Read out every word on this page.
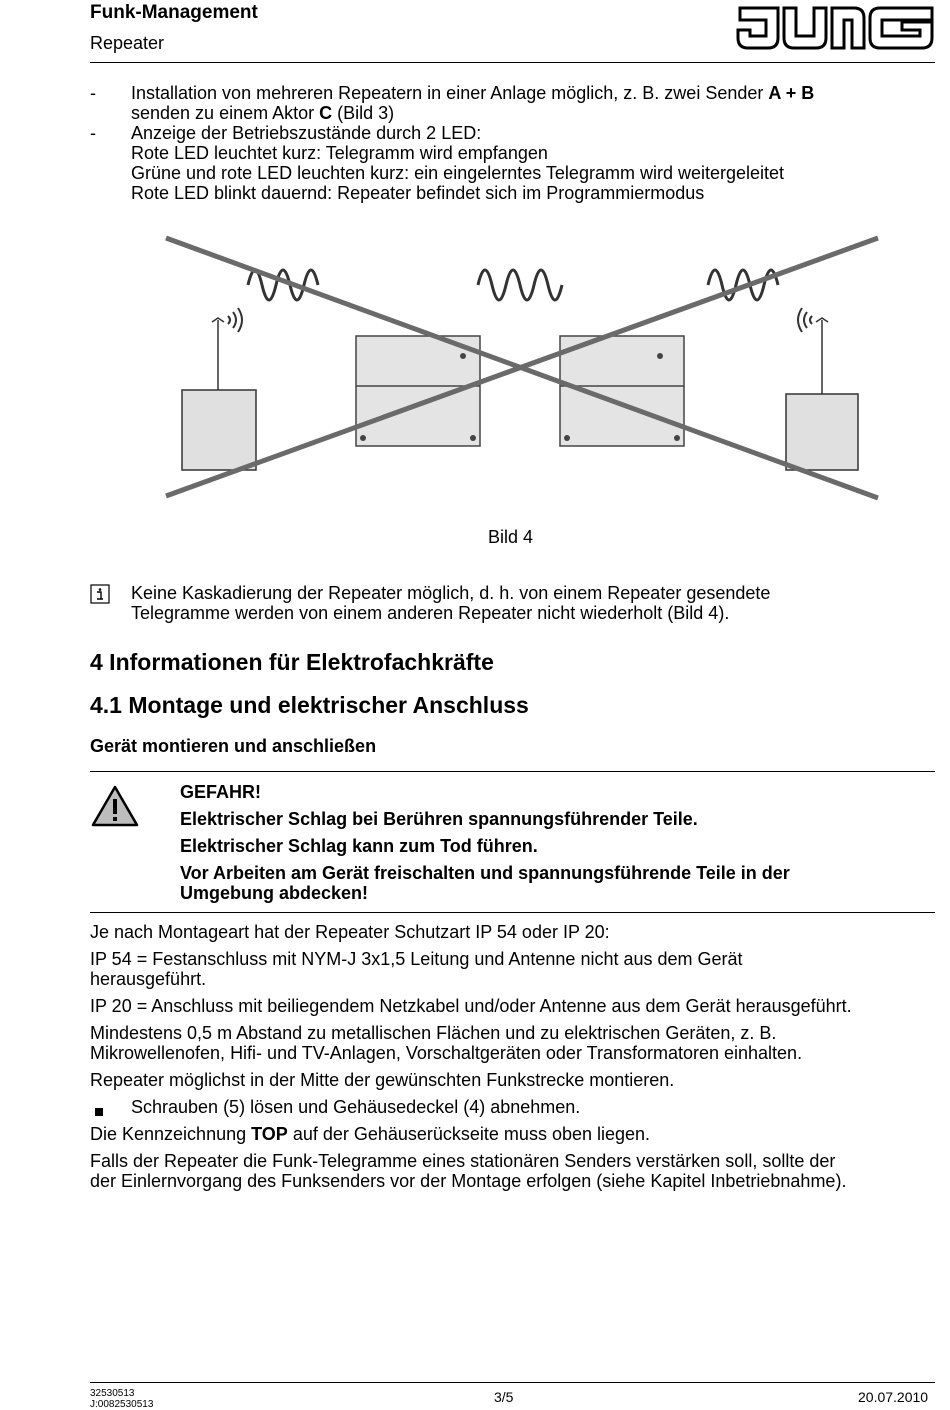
Funk-Management
Repeater
- Installation von mehreren Repeatern in einer Anlage möglich, z. B. zwei Sender A + B
senden zu einem Aktor C (Bild 3)
- Anzeige der Betriebszustände durch 2 LED:
Rote LED leuchtet kurz: Telegramm wird empfangen
Grüne und rote LED leuchten kurz: ein eingelerntes Telegramm wird weitergeleitet
Rote LED blinkt dauernd: Repeater befindet sich im Programmiermodus
Bild 4
Keine Kaskadierung der Repeater möglich, d. h. von einem Repeater gesendete
Telegramme werden von einem anderen Repeater nicht wiederholt (Bild 4).
4 Informationen für Elektrofachkräfte
4.1 Montage und elektrischer Anschluss
Gerät montieren und anschließen
GEFAHR!
Elektrischer Schlag bei Berühren spannungsführender Teile.
Elektrischer Schlag kann zum Tod führen.
Vor Arbeiten am Gerät freischalten und spannungsführende Teile in der
Umgebung abdecken!
Je nach Montageart hat der Repeater Schutzart IP 54 oder IP 20:
IP 54 = Festanschluss mit NYM-J 3x1,5 Leitung und Antenne nicht aus dem Gerät
herausgeführt.
IP 20 = Anschluss mit beiliegendem Netzkabel und/oder Antenne aus dem Gerät herausgeführt.
Mindestens 0,5 m Abstand zu metallischen Flächen und zu elektrischen Geräten, z. B.
Mikrowellenofen, Hifi- und TV-Anlagen, Vorschaltgeräten oder Transformatoren einhalten.
Repeater möglichst in der Mitte der gewünschten Funkstrecke montieren.
Schrauben (5) lösen und Gehäusedeckel (4) abnehmen.
Die Kennzeichnung TOP auf der Gehäuserückseite muss oben liegen.
Falls der Repeater die Funk-Telegramme eines stationären Senders verstärken soll, sollte der
der Einlernvorgang des Funksenders vor der Montage erfolgen (siehe Kapitel Inbetriebnahme).
32530513
J:0082530513	3/5	20.07.2010
